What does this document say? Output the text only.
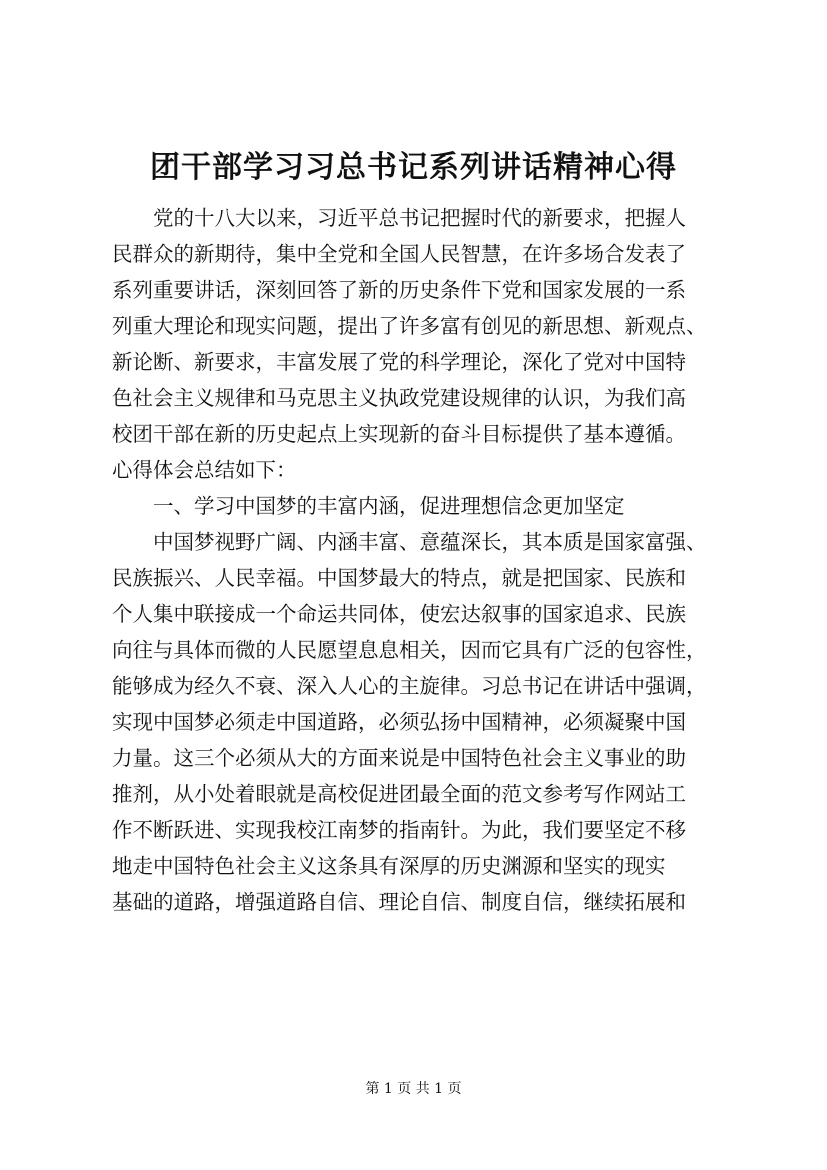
团干部学习习总书记系列讲话精神心得
　　党的十八大以来，习近平总书记把握时代的新要求，把握人
民群众的新期待，集中全党和全国人民智慧，在许多场合发表了
系列重要讲话，深刻回答了新的历史条件下党和国家发展的一系
列重大理论和现实问题，提出了许多富有创见的新思想、新观点、
新论断、新要求，丰富发展了党的科学理论，深化了党对中国特
色社会主义规律和马克思主义执政党建设规律的认识，为我们高
校团干部在新的历史起点上实现新的奋斗目标提供了基本遵循。
心得体会总结如下：
　　一、学习中国梦的丰富内涵，促进理想信念更加坚定
　　中国梦视野广阔、内涵丰富、意蕴深长，其本质是国家富强、
民族振兴、人民幸福。中国梦最大的特点，就是把国家、民族和
个人集中联接成一个命运共同体，使宏达叙事的国家追求、民族
向往与具体而微的人民愿望息息相关，因而它具有广泛的包容性，
能够成为经久不衰、深入人心的主旋律。习总书记在讲话中强调，
实现中国梦必须走中国道路，必须弘扬中国精神，必须凝聚中国
力量。这三个必须从大的方面来说是中国特色社会主义事业的助
推剂，从小处着眼就是高校促进团最全面的范文参考写作网站工
作不断跃进、实现我校江南梦的指南针。为此，我们要坚定不移
地走中国特色社会主义这条具有深厚的历史渊源和坚实的现实
基础的道路，增强道路自信、理论自信、制度自信，继续拓展和
第 1 页 共 1 页
